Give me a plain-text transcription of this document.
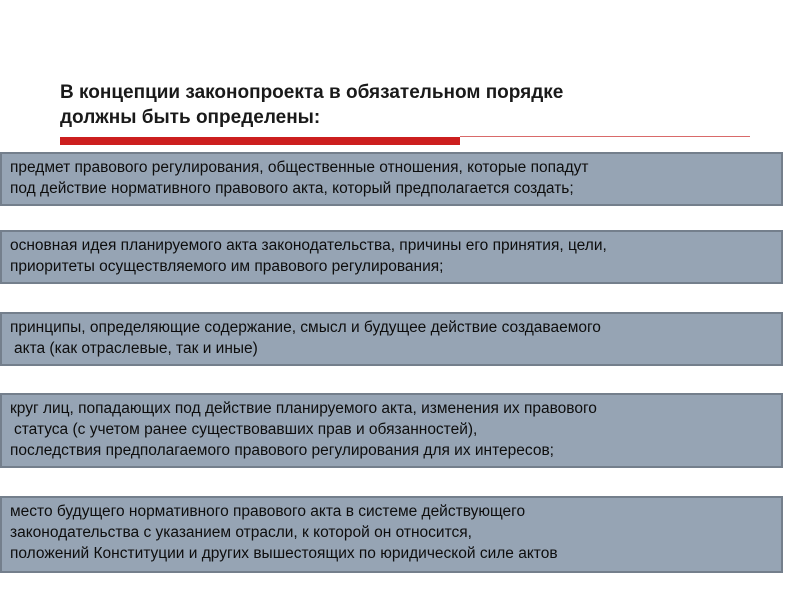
В концепции законопроекта в обязательном порядке
должны быть определены:
предмет правового регулирования, общественные отношения, которые попадут
под действие нормативного правового акта, который предполагается создать;
основная идея планируемого акта законодательства, причины его принятия, цели,
приоритеты осуществляемого им правового регулирования;
принципы, определяющие содержание, смысл и будущее действие создаваемого
акта (как отраслевые, так и иные)
круг лиц, попадающих под действие планируемого акта, изменения их правового
статуса (с учетом ранее существовавших прав и обязанностей),
последствия предполагаемого правового регулирования для их интересов;
место будущего нормативного правового акта в системе действующего
законодательства с указанием отрасли, к которой он относится,
положений Конституции и других вышестоящих по юридической силе актов
